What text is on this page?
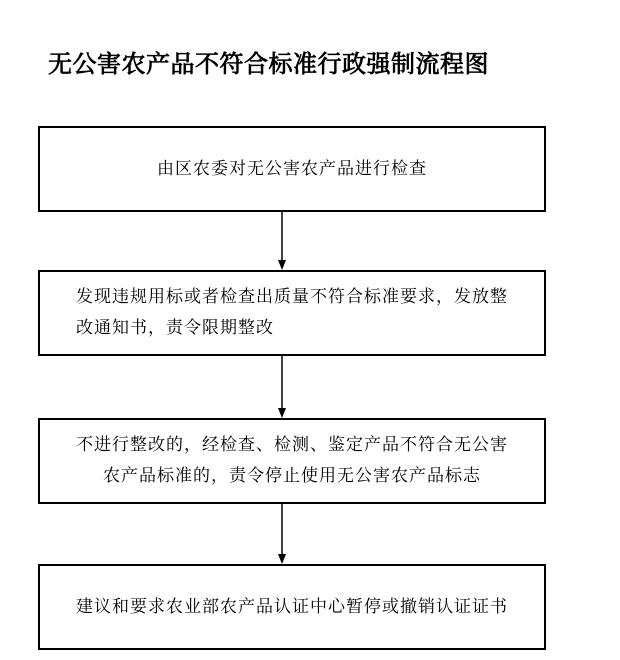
无公害农产品不符合标准行政强制流程图
由区农委对无公害农产品进行检查
发现违规用标或者检查出质量不符合标准要求，发放整
改通知书，责令限期整改
不进行整改的，经检查、检测、鉴定产品不符合无公害
农产品标准的，责令停止使用无公害农产品标志
建议和要求农业部农产品认证中心暂停或撤销认证证书
